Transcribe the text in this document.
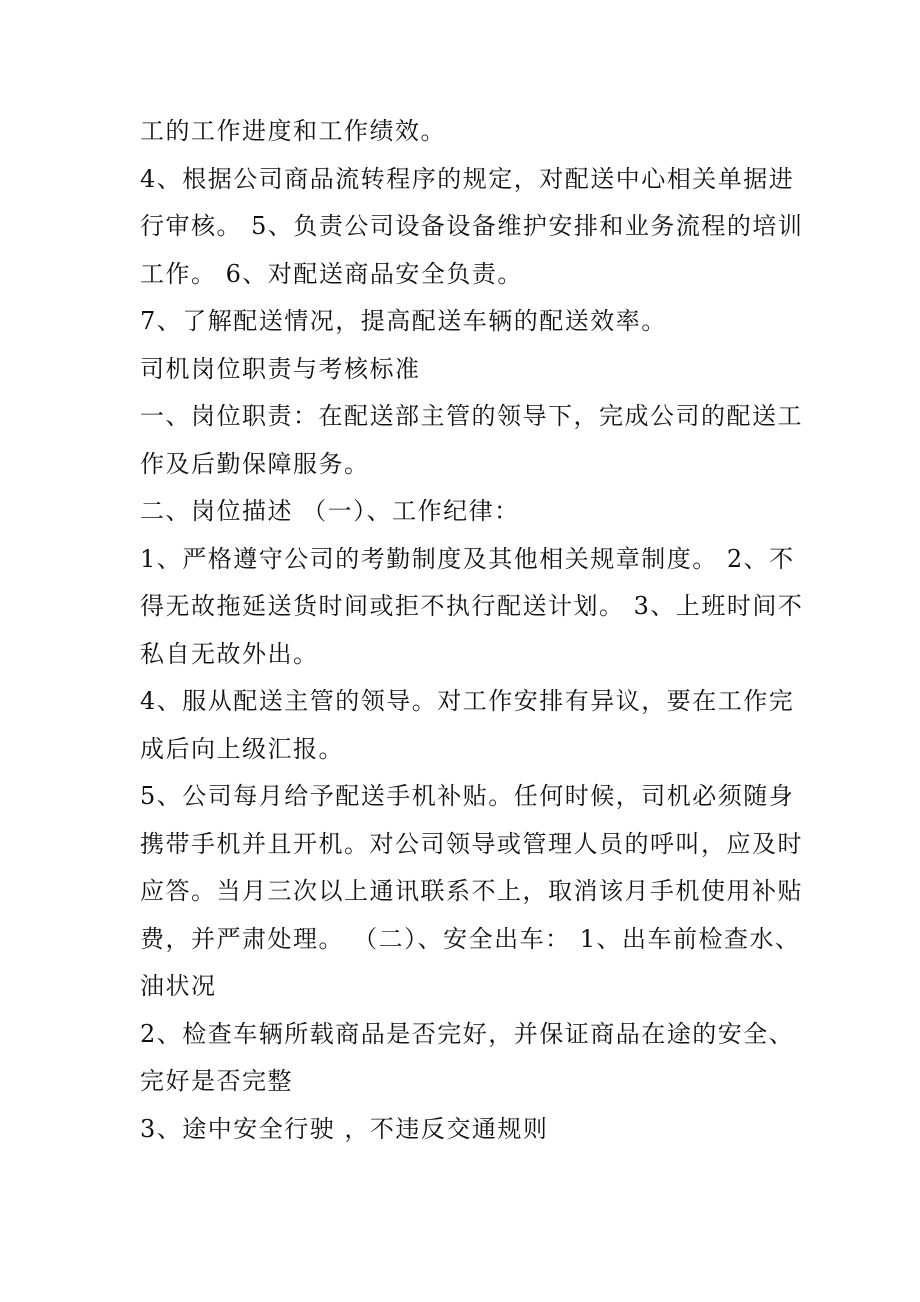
工的工作进度和工作绩效。
4、根据公司商品流转程序的规定，对配送中心相关单据进
行审核。 5、负责公司设备设备维护安排和业务流程的培训
工作。 6、对配送商品安全负责。
7、了解配送情况，提高配送车辆的配送效率。
司机岗位职责与考核标准
一、岗位职责：在配送部主管的领导下，完成公司的配送工
作及后勤保障服务。
二、岗位描述 （一）、工作纪律：
1、严格遵守公司的考勤制度及其他相关规章制度。 2、不
得无故拖延送货时间或拒不执行配送计划。 3、上班时间不
私自无故外出。
4、服从配送主管的领导。对工作安排有异议，要在工作完
成后向上级汇报。
5、公司每月给予配送手机补贴。任何时候，司机必须随身
携带手机并且开机。对公司领导或管理人员的呼叫，应及时
应答。当月三次以上通讯联系不上，取消该月手机使用补贴
费，并严肃处理。 （二）、安全出车： 1、出车前检查水、
油状况
2、检查车辆所载商品是否完好，并保证商品在途的安全、
完好是否完整
3、途中安全行驶 ，不违反交通规则
